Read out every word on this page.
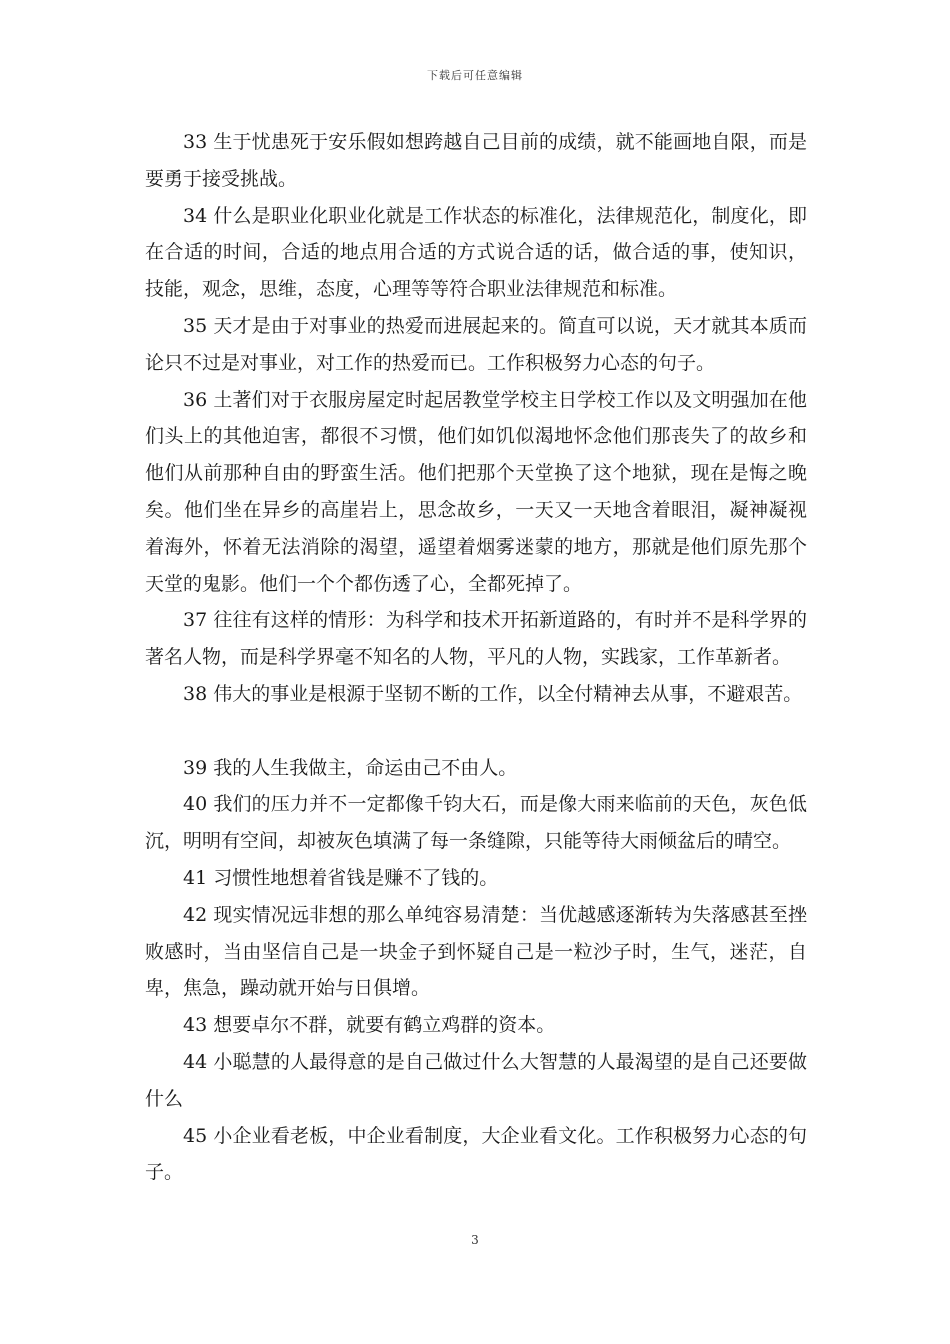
下载后可任意编辑

33 生于忧患死于安乐假如想跨越自己目前的成绩，就不能画地自限，而是要勇于接受挑战。

34 什么是职业化职业化就是工作状态的标准化，法律规范化，制度化，即在合适的时间，合适的地点用合适的方式说合适的话，做合适的事，使知识，技能，观念，思维，态度，心理等等符合职业法律规范和标准。

35 天才是由于对事业的热爱而进展起来的。简直可以说，天才就其本质而论只不过是对事业，对工作的热爱而已。工作积极努力心态的句子。

36 土著们对于衣服房屋定时起居教堂学校主日学校工作以及文明强加在他们头上的其他迫害，都很不习惯，他们如饥似渴地怀念他们那丧失了的故乡和他们从前那种自由的野蛮生活。他们把那个天堂换了这个地狱，现在是悔之晚矣。他们坐在异乡的高崖岩上，思念故乡，一天又一天地含着眼泪，凝神凝视着海外，怀着无法消除的渴望，遥望着烟雾迷蒙的地方，那就是他们原先那个天堂的鬼影。他们一个个都伤透了心，全都死掉了。

37 往往有这样的情形：为科学和技术开拓新道路的，有时并不是科学界的著名人物，而是科学界毫不知名的人物，平凡的人物，实践家，工作革新者。

38 伟大的事业是根源于坚韧不断的工作，以全付精神去从事，不避艰苦。

39 我的人生我做主，命运由己不由人。

40 我们的压力并不一定都像千钧大石，而是像大雨来临前的天色，灰色低沉，明明有空间，却被灰色填满了每一条缝隙，只能等待大雨倾盆后的晴空。

41 习惯性地想着省钱是赚不了钱的。

42 现实情况远非想的那么单纯容易清楚：当优越感逐渐转为失落感甚至挫败感时，当由坚信自己是一块金子到怀疑自己是一粒沙子时，生气，迷茫，自卑，焦急，躁动就开始与日俱增。

43 想要卓尔不群，就要有鹤立鸡群的资本。

44 小聪慧的人最得意的是自己做过什么大智慧的人最渴望的是自己还要做什么

45 小企业看老板，中企业看制度，大企业看文化。工作积极努力心态的句子。

3
